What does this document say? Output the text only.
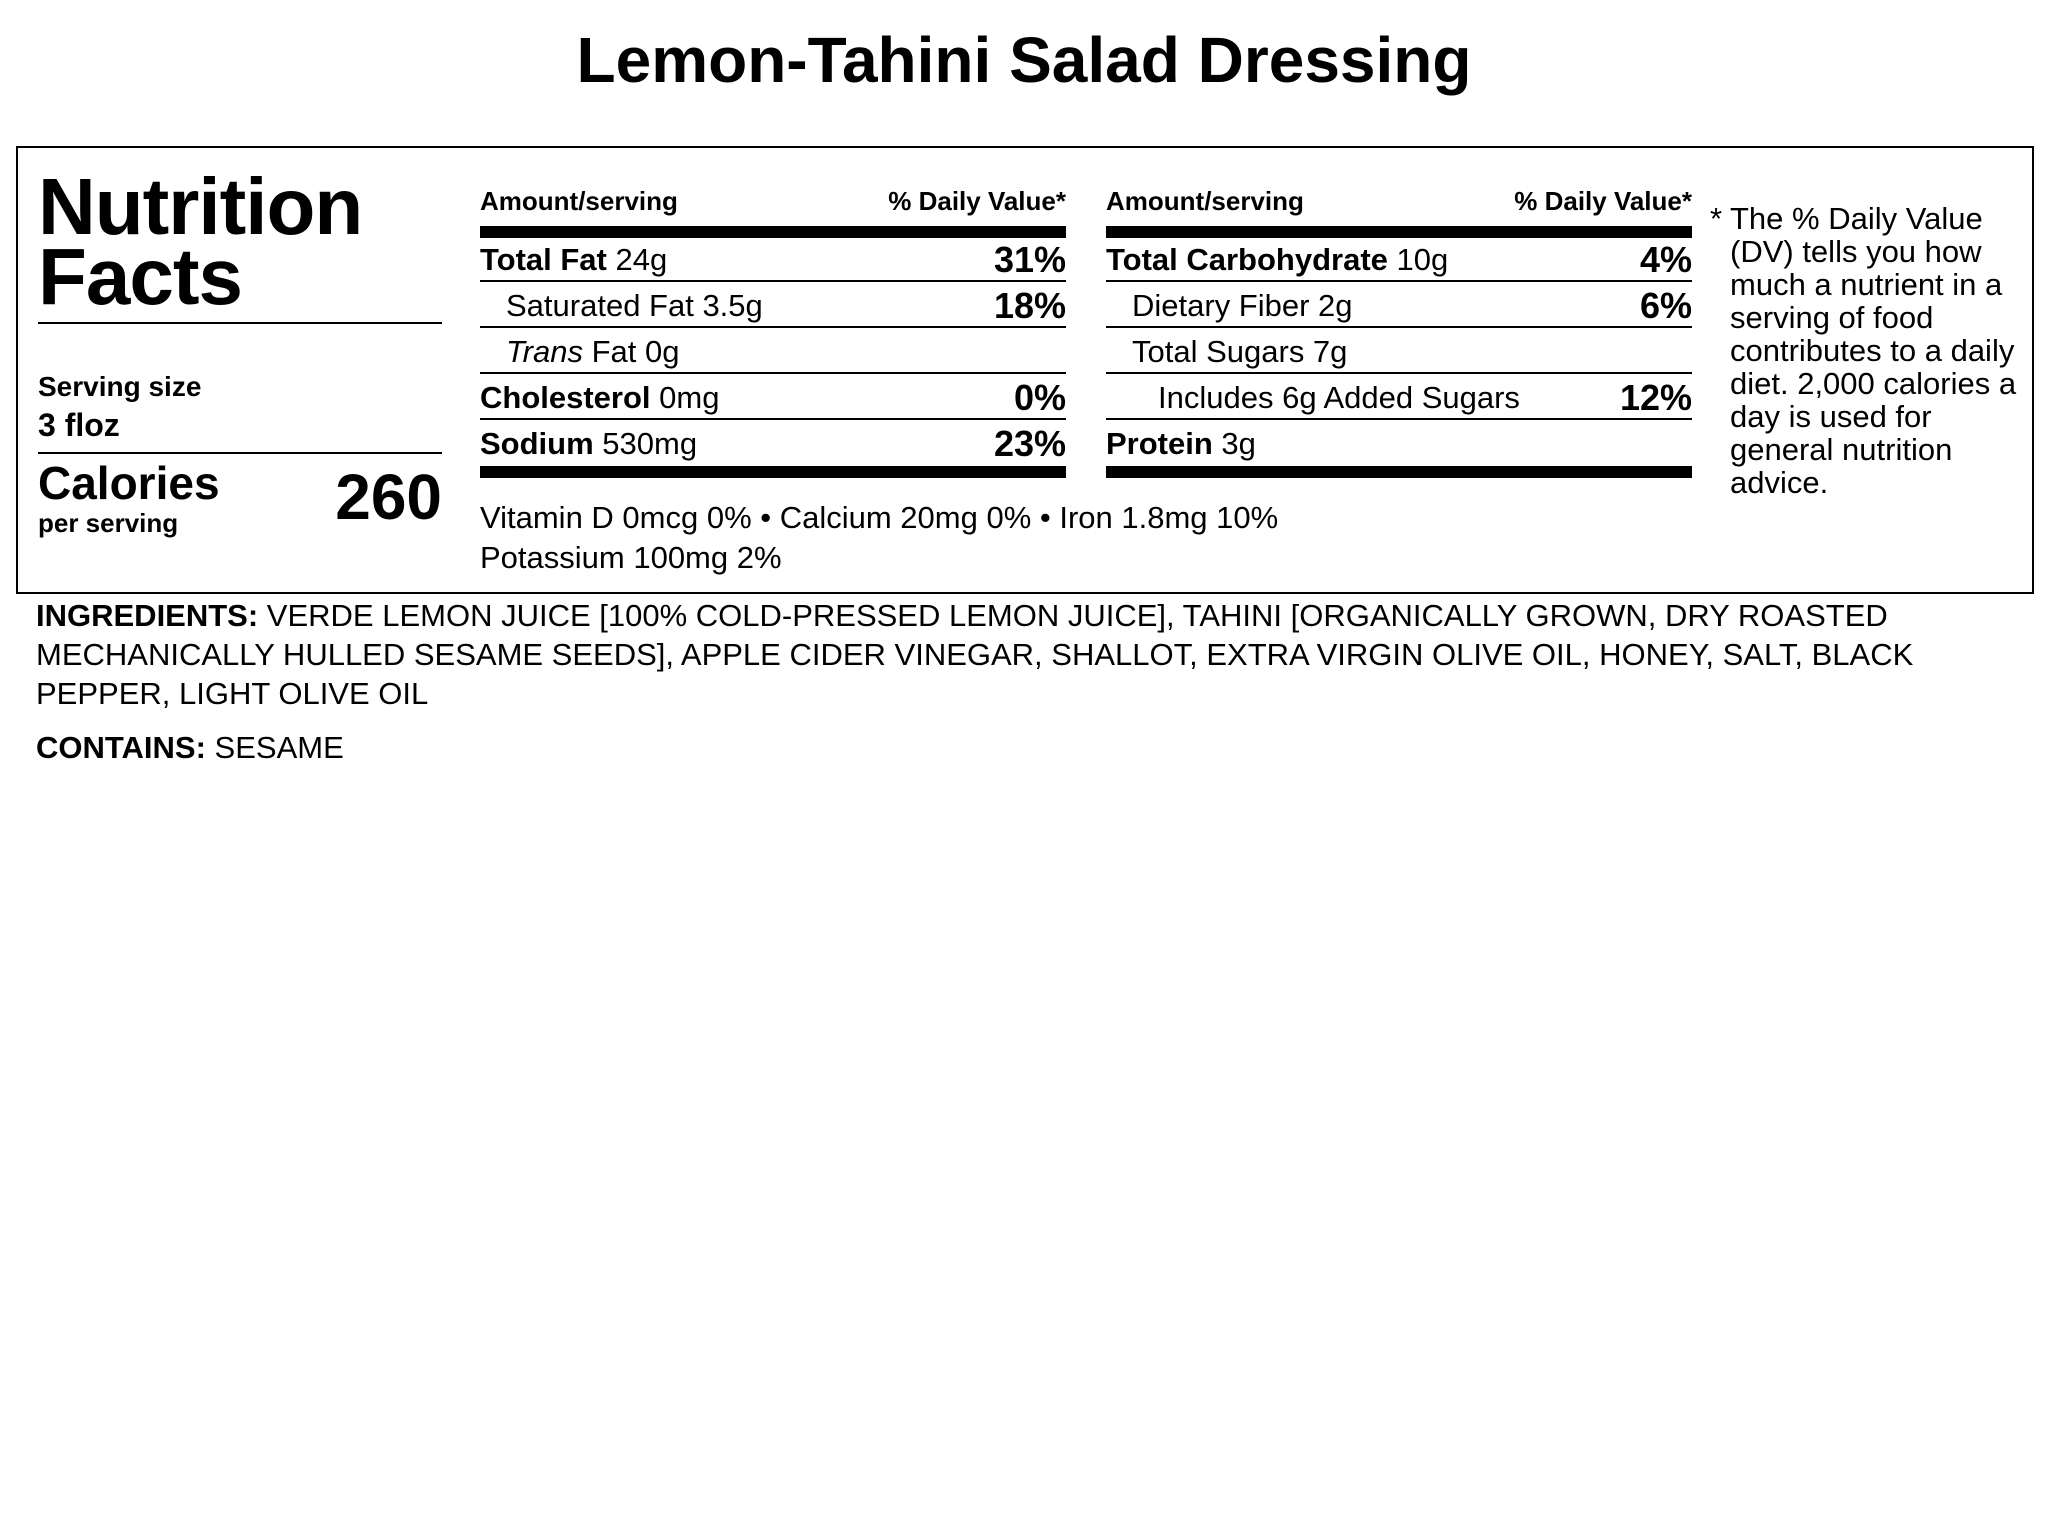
Lemon-Tahini Salad Dressing
Nutrition
Facts
Serving size
3 floz
Calories
per serving 260
Amount/serving	% Daily Value*
Total Fat 24g	31%
Saturated Fat 3.5g	18%
Trans Fat 0g
Cholesterol 0mg	0%
Sodium 530mg	23%
Amount/serving	% Daily Value*
Total Carbohydrate 10g	4%
Dietary Fiber 2g	6%
Total Sugars 7g
Includes 6g Added Sugars	12%
Protein 3g
Vitamin D 0mcg 0% • Calcium 20mg 0% • Iron 1.8mg 10%
Potassium 100mg 2%
* The % Daily Value (DV) tells you how much a nutrient in a serving of food contributes to a daily diet. 2,000 calories a day is used for general nutrition advice.
INGREDIENTS: VERDE LEMON JUICE [100% COLD-PRESSED LEMON JUICE], TAHINI [ORGANICALLY GROWN, DRY ROASTED MECHANICALLY HULLED SESAME SEEDS], APPLE CIDER VINEGAR, SHALLOT, EXTRA VIRGIN OLIVE OIL, HONEY, SALT, BLACK PEPPER, LIGHT OLIVE OIL
CONTAINS: SESAME
